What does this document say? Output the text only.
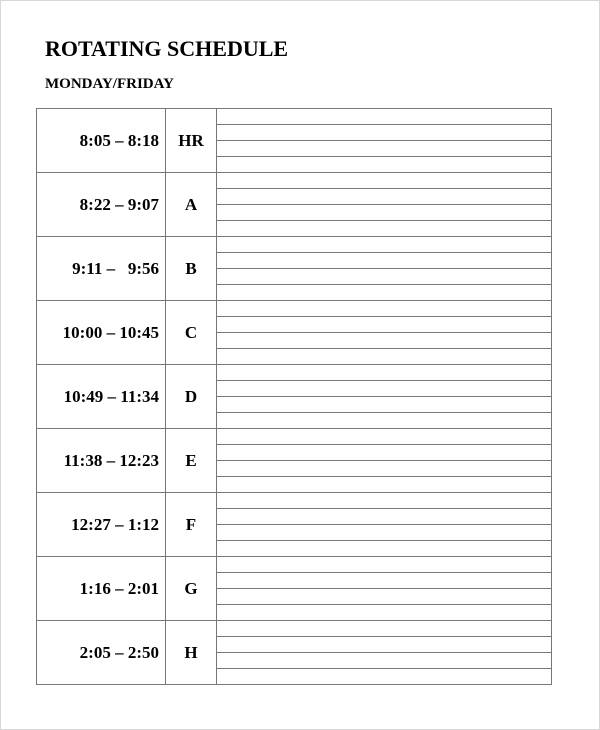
ROTATING SCHEDULE
MONDAY/FRIDAY
8:05 – 8:18	HR
8:22 – 9:07	A
9:11 –   9:56	B
10:00 – 10:45	C
10:49 – 11:34	D
11:38 – 12:23	E
12:27 – 1:12	F
1:16 – 2:01	G
2:05 – 2:50	H
